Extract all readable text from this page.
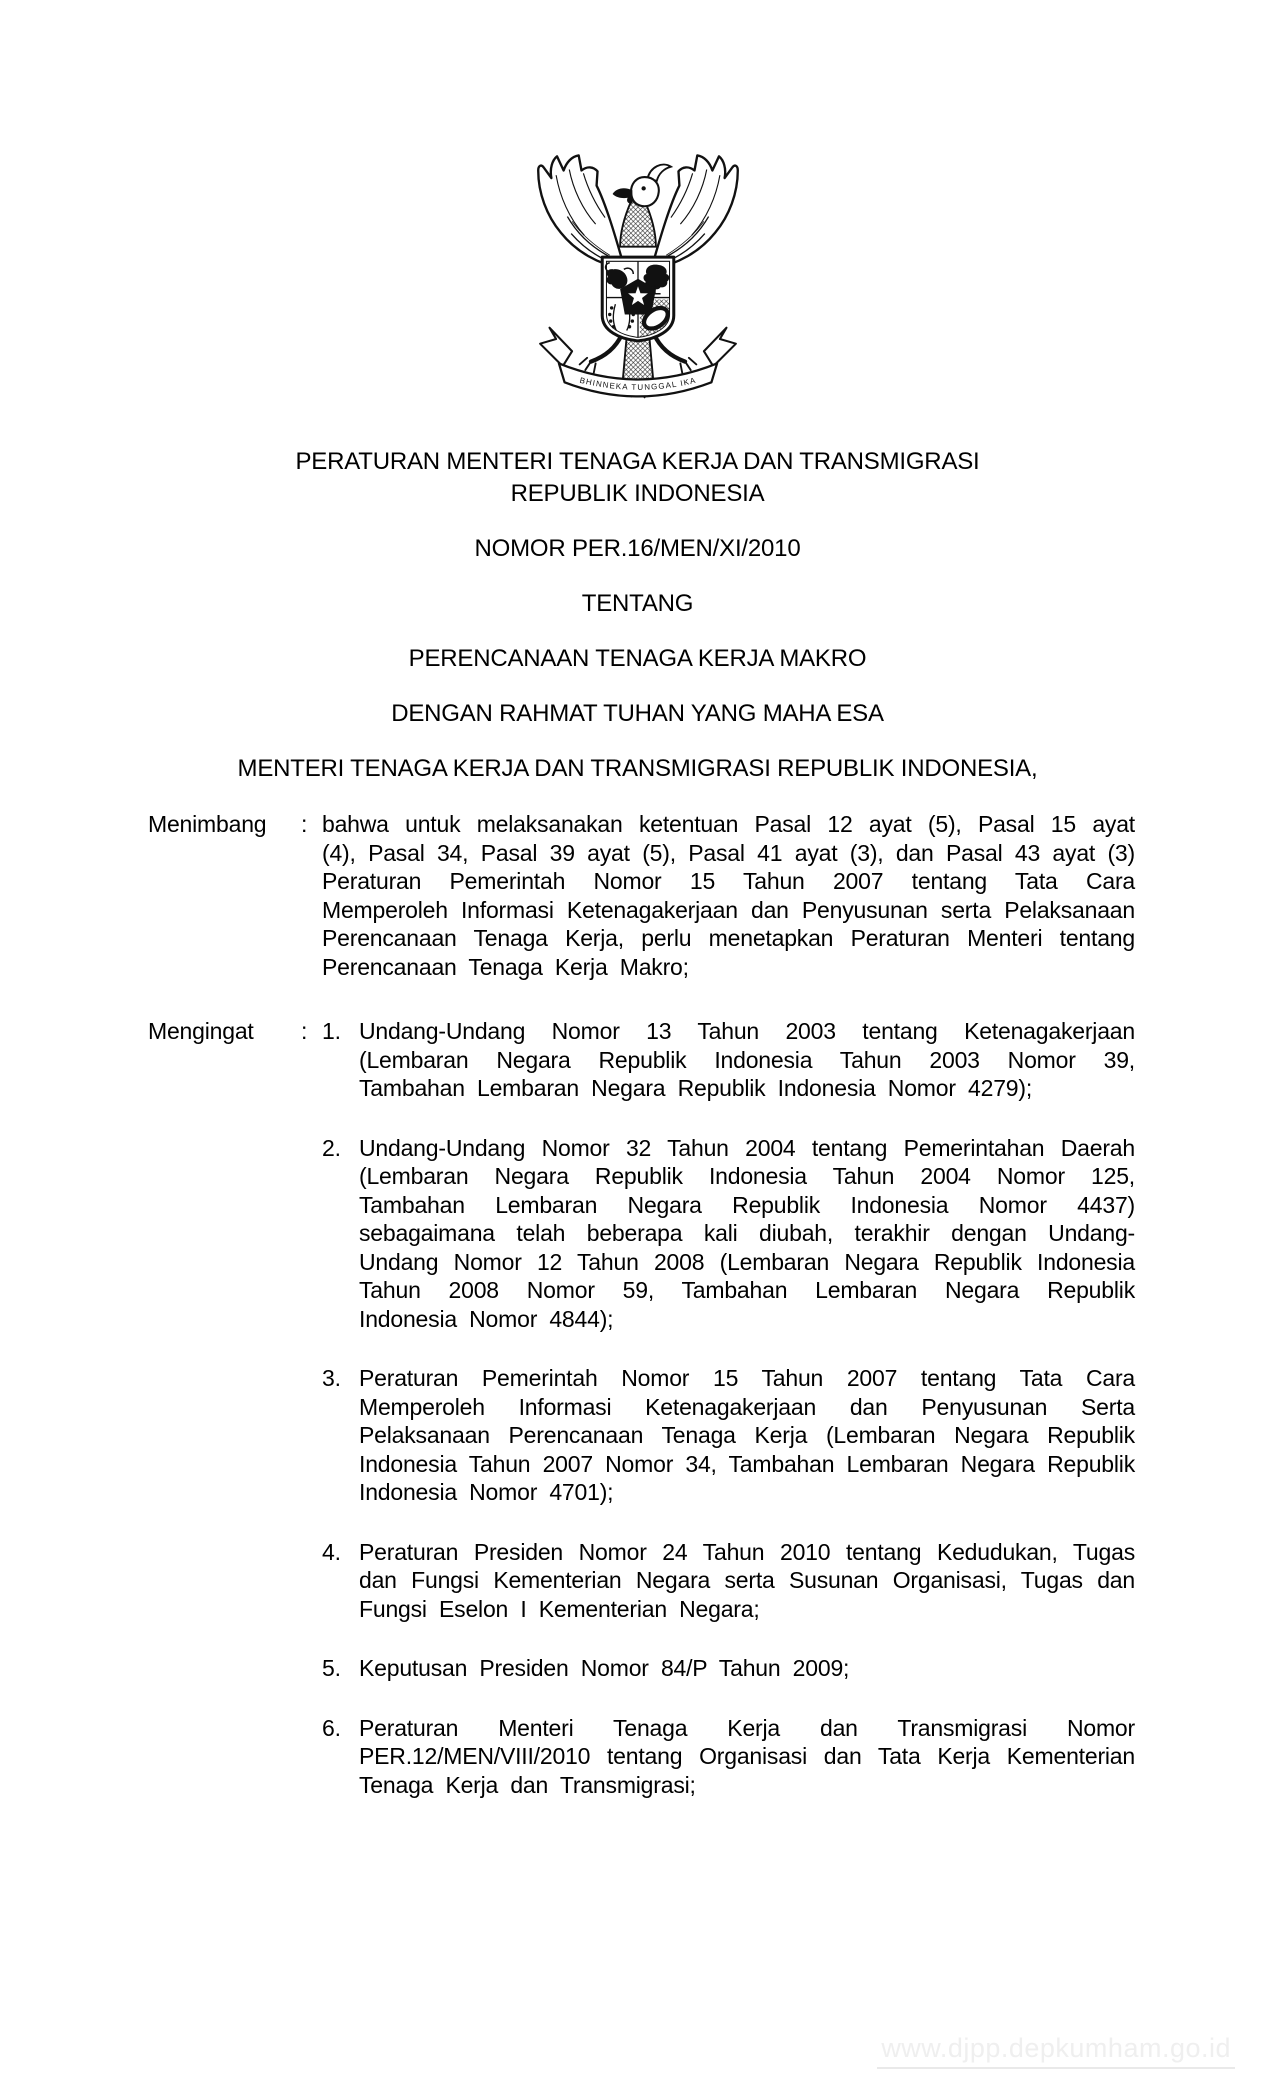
BHINNEKA TUNGGAL IKA
PERATURAN MENTERI TENAGA KERJA DAN TRANSMIGRASI
REPUBLIK INDONESIA
NOMOR PER.16/MEN/XI/2010
TENTANG
PERENCANAAN TENAGA KERJA MAKRO
DENGAN RAHMAT TUHAN YANG MAHA ESA
MENTERI TENAGA KERJA DAN TRANSMIGRASI REPUBLIK INDONESIA,
Menimbang	: bahwa untuk melaksanakan ketentuan Pasal 12 ayat (5), Pasal 15 ayat (4), Pasal 34, Pasal 39 ayat (5), Pasal 41 ayat (3), dan Pasal 43 ayat (3) Peraturan Pemerintah Nomor 15 Tahun 2007 tentang Tata Cara Memperoleh Informasi Ketenagakerjaan dan Penyusunan serta Pelaksanaan Perencanaan Tenaga Kerja, perlu menetapkan Peraturan Menteri tentang Perencanaan Tenaga Kerja Makro;
Mengingat	: 1. Undang-Undang Nomor 13 Tahun 2003 tentang Ketenagakerjaan (Lembaran Negara Republik Indonesia Tahun 2003 Nomor 39, Tambahan Lembaran Negara Republik Indonesia Nomor 4279);
2. Undang-Undang Nomor 32 Tahun 2004 tentang Pemerintahan Daerah (Lembaran Negara Republik Indonesia Tahun 2004 Nomor 125, Tambahan Lembaran Negara Republik Indonesia Nomor 4437) sebagaimana telah beberapa kali diubah, terakhir dengan Undang-Undang Nomor 12 Tahun 2008 (Lembaran Negara Republik Indonesia Tahun 2008 Nomor 59, Tambahan Lembaran Negara Republik Indonesia Nomor 4844);
3. Peraturan Pemerintah Nomor 15 Tahun 2007 tentang Tata Cara Memperoleh Informasi Ketenagakerjaan dan Penyusunan Serta Pelaksanaan Perencanaan Tenaga Kerja (Lembaran Negara Republik Indonesia Tahun 2007 Nomor 34, Tambahan Lembaran Negara Republik Indonesia Nomor 4701);
4. Peraturan Presiden Nomor 24 Tahun 2010 tentang Kedudukan, Tugas dan Fungsi Kementerian Negara serta Susunan Organisasi, Tugas dan Fungsi Eselon I Kementerian Negara;
5. Keputusan Presiden Nomor 84/P Tahun 2009;
6. Peraturan Menteri Tenaga Kerja dan Transmigrasi Nomor PER.12/MEN/VIII/2010 tentang Organisasi dan Tata Kerja Kementerian Tenaga Kerja dan Transmigrasi;
www.djpp.depkumham.go.id
